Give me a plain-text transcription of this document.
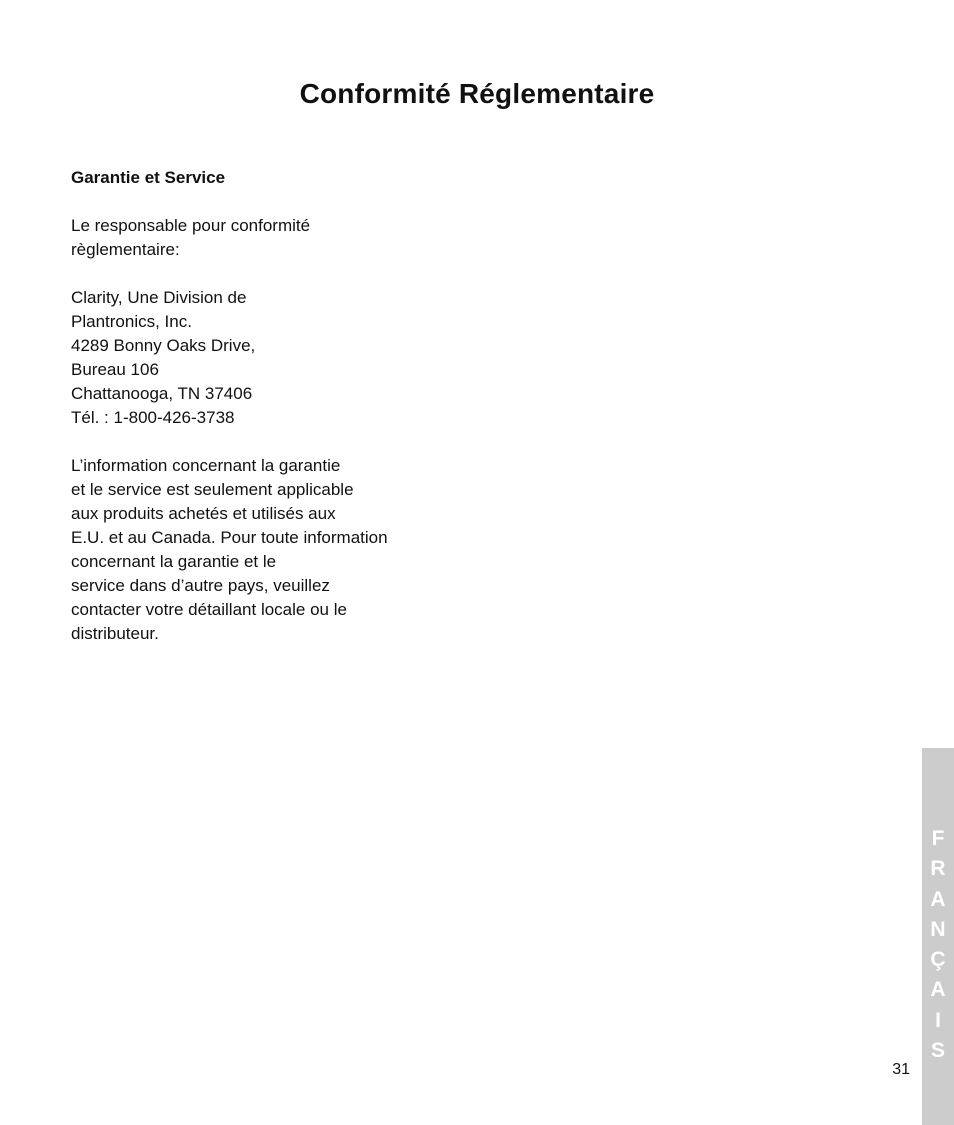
Conformité Réglementaire

Garantie et Service

Le responsable pour conformité
règlementaire:

Clarity, Une Division de
Plantronics, Inc.
4289 Bonny Oaks Drive,
Bureau 106
Chattanooga, TN 37406
Tél. : 1-800-426-3738

L’information concernant la garantie
et le service est seulement applicable
aux produits achetés et utilisés aux
E.U. et au Canada. Pour toute information
concernant la garantie et le
service dans d’autre pays, veuillez
contacter votre détaillant locale ou le
distributeur.

F
R
A
N
Ç
A
I
S
31
